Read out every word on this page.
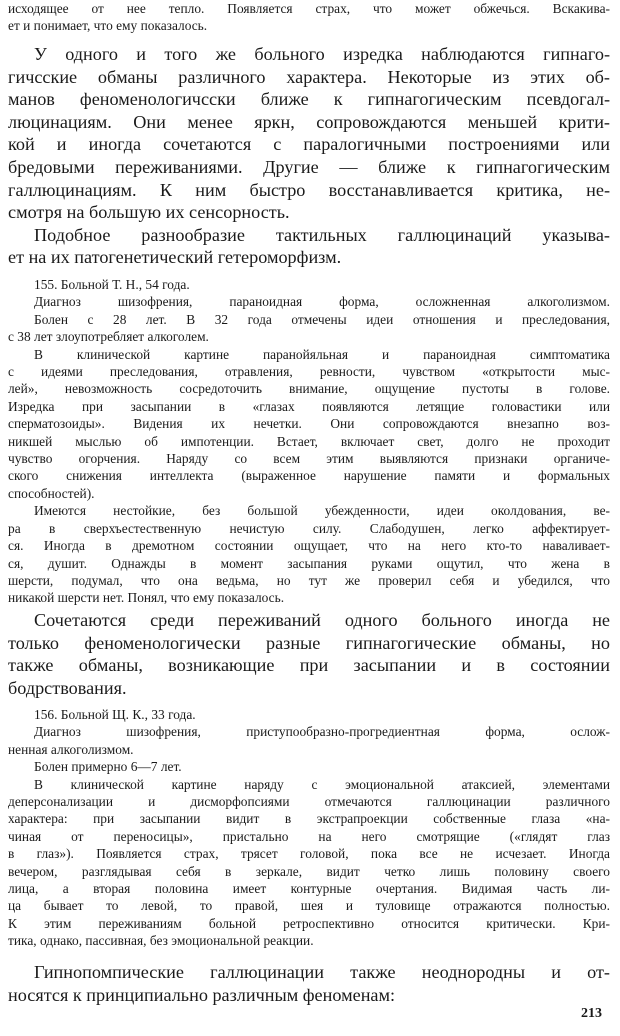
исходящее от нее тепло. Появляется страх, что может обжечься. Вскакива-

ет и понимает, что ему показалось.

У одного и того же больного изредка наблюдаются гипнаго-

гичсские обманы различного характера. Некоторые из этих об-

манов феноменологичсски ближе к гипнагогическим псевдогал-

люцинациям. Они менее яркн, сопровождаются меньшей крити-

кой и иногда сочетаются с паралогичными построениями или

бредовыми переживаниями. Другие — ближе к гипнагогическим

галлюцинациям. К ним быстро восстанавливается критика, не-

смотря на большую их сенсорность.

Подобное разнообразие тактильных галлюцинаций указыва-

ет на их патогенетический гетероморфизм.

155. Больной Т. Н., 54 года.

Диагноз шизофрения, параноидная форма, осложненная алкоголизмом.

Болен с 28 лет. В 32 года отмечены идеи отношения и преследования,

с 38 лет злоупотребляет алкоголем.

В клинической картине паранойяльная и параноидная симптоматика

с идеями преследования, отравления, ревности, чувством «открытости мыс-

лей», невозможность сосредоточить внимание, ощущение пустоты в голове.

Изредка при засыпании в «глазах появляются летящие головастики или

сперматозоиды». Видения их нечетки. Они сопровождаются внезапно воз-

никшей мыслью об импотенции. Встает, включает свет, долго не проходит

чувство огорчения. Наряду со всем этим выявляются признаки органиче-

ского снижения интеллекта (выраженное нарушение памяти и формальных

способностей).

Имеются нестойкие, без большой убежденности, идеи околдования, ве-

ра в сверхъестественную нечистую силу. Слабодушен, легко аффектирует-

ся. Иногда в дремотном состоянии ощущает, что на него кто-то наваливает-

ся, душит. Однажды в момент засыпания руками ощутил, что жена в

шерсти, подумал, что она ведьма, но тут же проверил себя и убедился, что

никакой шерсти нет. Понял, что ему показалось.

Сочетаются среди переживаний одного больного иногда не

только феноменологически разные гипнагогические обманы, но

также обманы, возникающие при засыпании и в состоянии

бодрствования.

156. Больной Щ. К., 33 года.

Диагноз шизофрения, приступообразно-прогредиентная форма, ослож-

ненная алкоголизмом.

Болен примерно 6—7 лет.

В клинической картине наряду с эмоциональной атаксией, элементами

деперсонализации и дисморфопсиями отмечаются галлюцинации различного

характера: при засыпании видит в экстрапроекции собственные глаза «на-

чиная от переносицы», пристально на него смотрящие («глядят глаз

в глаз»). Появляется страх, трясет головой, пока все не исчезает. Иногда

вечером, разглядывая себя в зеркале, видит четко лишь половину своего

лица, а вторая половина имеет контурные очертания. Видимая часть ли-

ца бывает то левой, то правой, шея и туловище отражаются полностью.

К этим переживаниям больной ретроспективно относится критически. Кри-

тика, однако, пассивная, без эмоциональной реакции.

Гипнопомпические галлюцинации также неоднородны и от-

носятся к принципиально различным феноменам:

213
